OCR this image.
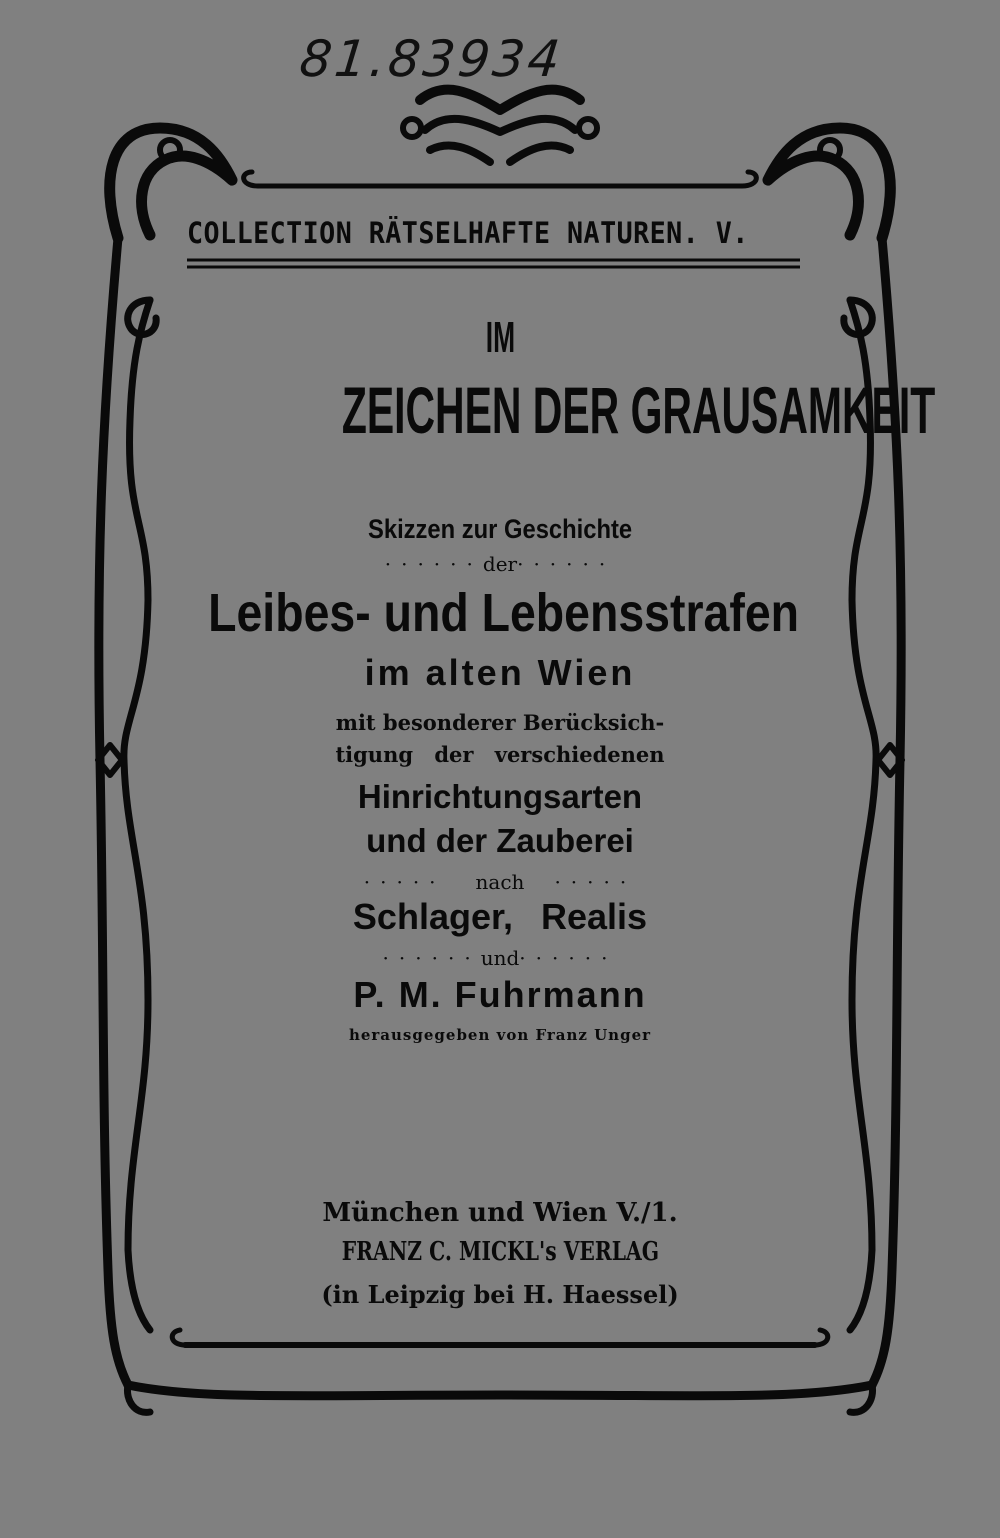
81.83934
COLLECTION RÄTSELHAFTE NATUREN. V.
IM
ZEICHEN DER GRAUSAMKEIT
Skizzen zur Geschichte
······der······
Leibes- und Lebensstrafen
im alten Wien
mit besonderer Berücksich-
tigung der verschiedenen
Hinrichtungsarten
und der Zauberei
····· nach ·····
Schlager, Realis
······und······
P. M. Fuhrmann
herausgegeben von Franz Unger
München und Wien V./1.
FRANZ C. MICKL's VERLAG
(in Leipzig bei H. Haessel)
